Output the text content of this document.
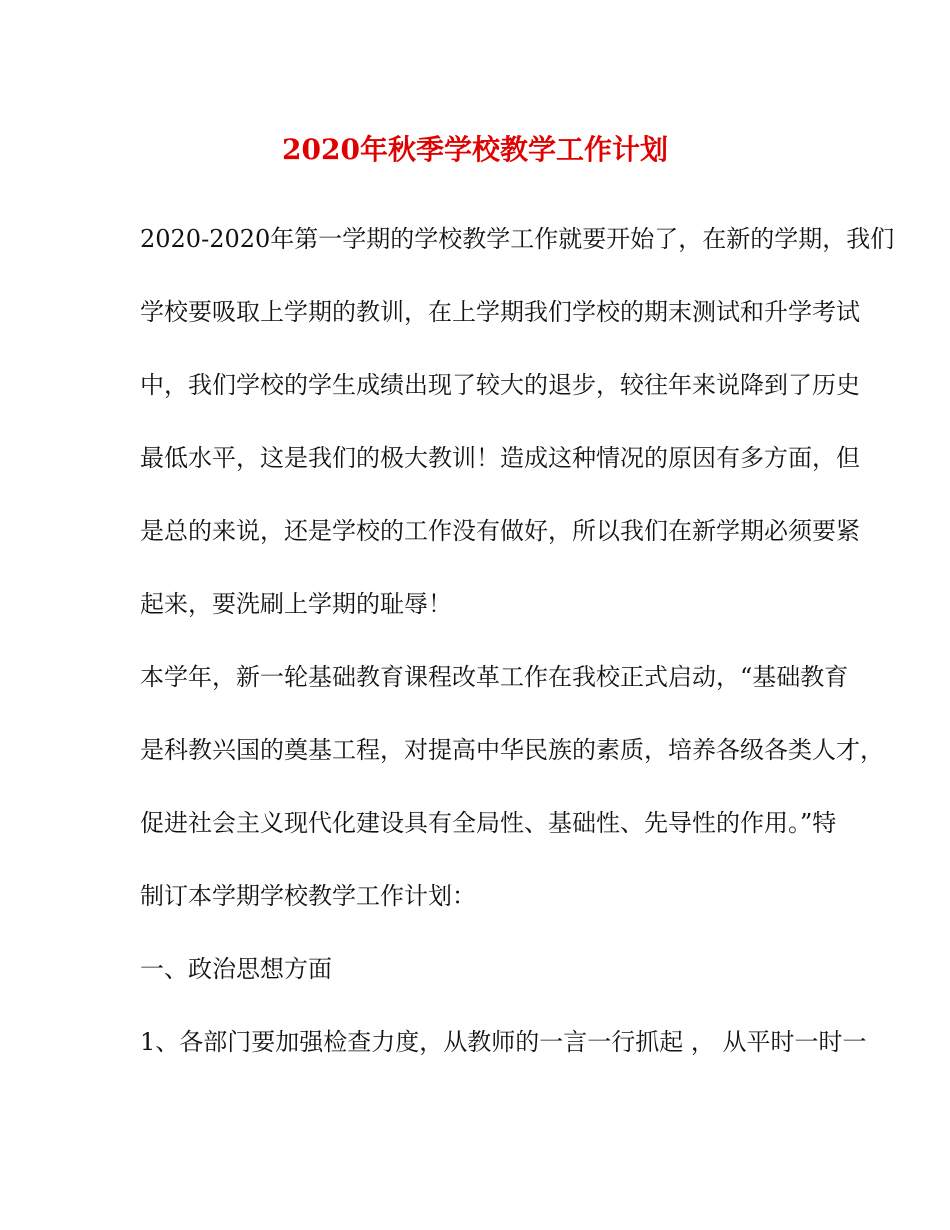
2020年秋季学校教学工作计划
2020-2020年第一学期的学校教学工作就要开始了，在新的学期，我们
学校要吸取上学期的教训，在上学期我们学校的期末测试和升学考试
中，我们学校的学生成绩出现了较大的退步，较往年来说降到了历史
最低水平，这是我们的极大教训！造成这种情况的原因有多方面，但
是总的来说，还是学校的工作没有做好，所以我们在新学期必须要紧
起来，要洗刷上学期的耻辱！
本学年，新一轮基础教育课程改革工作在我校正式启动，“基础教育
是科教兴国的奠基工程，对提高中华民族的素质，培养各级各类人才，
促进社会主义现代化建设具有全局性、基础性、先导性的作用。”特
制订本学期学校教学工作计划：
一、政治思想方面
1、各部门要加强检查力度，从教师的一言一行抓起 ， 从平时一时一
